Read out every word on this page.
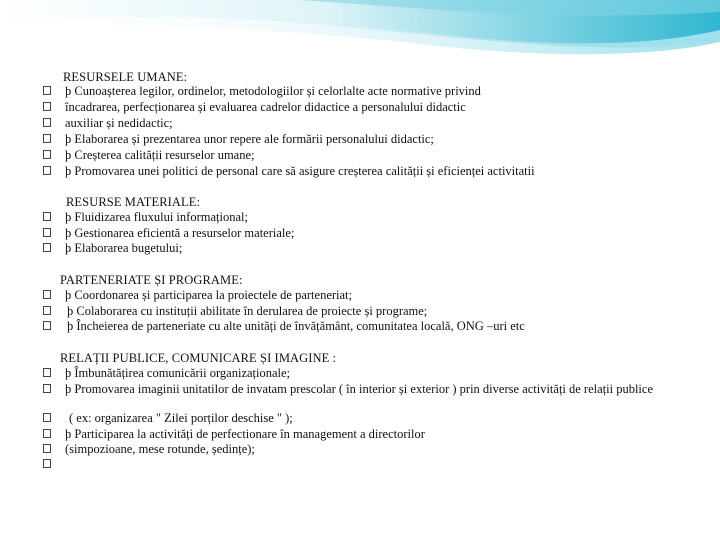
RESURSELE UMANE:
þ Cunoașterea legilor, ordinelor, metodologiilor și celorlalte acte normative privind
încadrarea, perfecționarea și evaluarea cadrelor didactice a personalului didactic
auxiliar și nedidactic;
þ Elaborarea și prezentarea unor repere ale formării personalului didactic;
þ Creșterea calității resurselor umane;
þ Promovarea unei politici de personal care să asigure creșterea calității și eficienței activitatii
RESURSE MATERIALE:
þ Fluidizarea fluxului informațional;
þ Gestionarea eficientă a resurselor materiale;
þ Elaborarea bugetului;
PARTENERIATE ȘI PROGRAME:
þ Coordonarea și participarea la proiectele de parteneriat;
þ Colaborarea cu instituții abilitate în derularea de proiecte și programe;
þ Încheierea de parteneriate cu alte unități de învățământ, comunitatea locală, ONG –uri etc
RELAȚII PUBLICE, COMUNICARE ȘI IMAGINE :
þ Îmbunătățirea comunicării organizaționale;
þ Promovarea imaginii unitatilor de invatam prescolar ( în interior și exterior ) prin diverse activități de relații publice
( ex: organizarea " Zilei porților deschise " );
þ Participarea la activități de perfectionare în management a directorilor
(simpozioane, mese rotunde, ședințe);
